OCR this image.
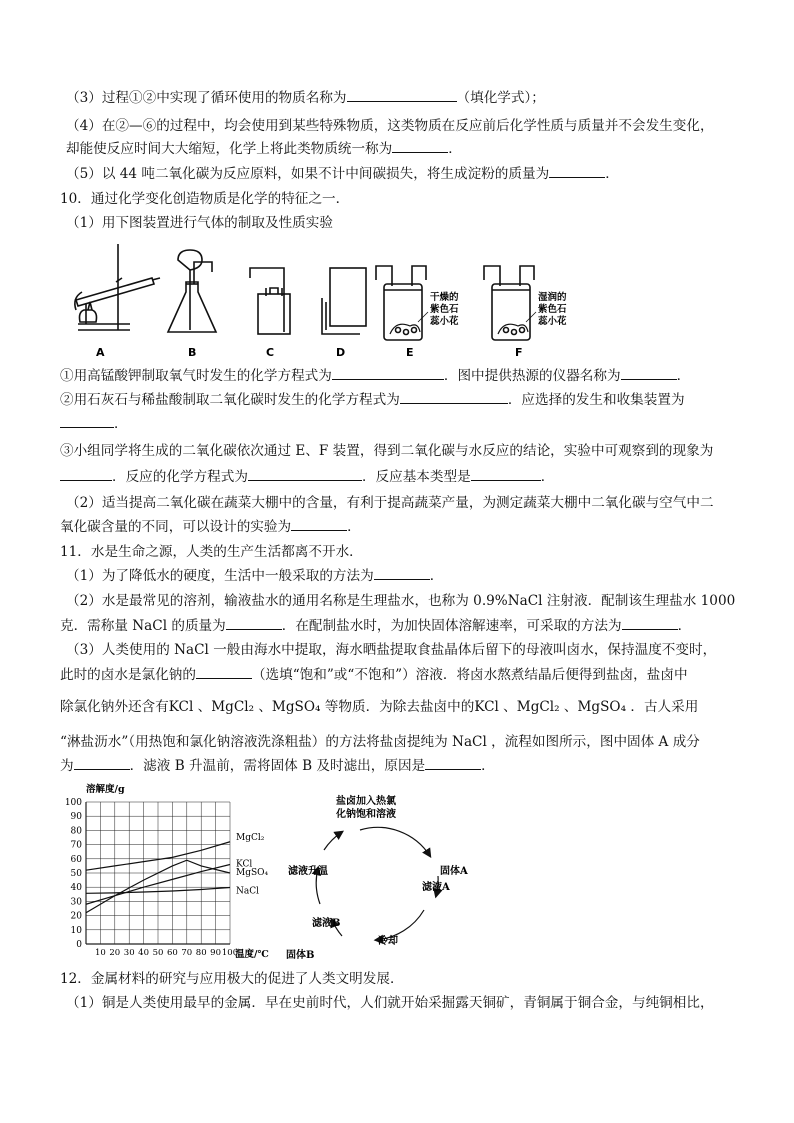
（3）过程①②中实现了循环使用的物质名称为	（填化学式）；
（4）在②—⑥的过程中，均会使用到某些特殊物质，这类物质在反应前后化学性质与质量并不会发生变化，
却能使反应时间大大缩短，化学上将此类物质统一称为	．
（5）以 44 吨二氧化碳为反应原料，如果不计中间碳损失，将生成淀粉的质量为	．
10．通过化学变化创造物质是化学的特征之一．
（1）用下图装置进行气体的制取及性质实验
A	B	C	D	E	F
干燥的
紫色石
蕊小花
湿润的
紫色石
蕊小花
①用高锰酸钾制取氧气时发生的化学方程式为	．图中提供热源的仪器名称为	．
②用石灰石与稀盐酸制取二氧化碳时发生的化学方程式为	．应选择的发生和收集装置为
．
③小组同学将生成的二氧化碳依次通过 E、F 装置，得到二氧化碳与水反应的结论，实验中可观察到的现象为
．反应的化学方程式为	．反应基本类型是	．
（2）适当提高二氧化碳在蔬菜大棚中的含量，有利于提高蔬菜产量，为测定蔬菜大棚中二氧化碳与空气中二
氧化碳含量的不同，可以设计的实验为	．
11．水是生命之源，人类的生产生活都离不开水．
（1）为了降低水的硬度，生活中一般采取的方法为	．
（2）水是最常见的溶剂，输液盐水的通用名称是生理盐水，也称为 0.9%NaCl 注射液．配制该生理盐水 1000
克．需称量 NaCl 的质量为	．在配制盐水时，为加快固体溶解速率，可采取的方法为	．
（3）人类使用的 NaCl 一般由海水中提取，海水晒盐提取食盐晶体后留下的母液叫卤水，保持温度不变时，
此时的卤水是氯化钠的	（选填“饱和”或“不饱和”）溶液．将卤水熬煮结晶后便得到盐卤，盐卤中
除氯化钠外还含有KCl 、MgCl₂ 、MgSO₄ 等物质．为除去盐卤中的KCl 、MgCl₂ 、MgSO₄ ．古人采用
“淋盐沥水”（用热饱和氯化钠溶液洗涤粗盐）的方法将盐卤提纯为 NaCl ，流程如图所示，图中固体 A 成分
为	．滤液 B 升温前，需将固体 B 及时滤出，原因是	．
0
10
20
30
40
50
60
70
80
90
100
10 20 30 40 50 60 70 80 90 100
MgCl₂
KCl
MgSO₄
NaCl
溶解度/g
温度/℃
盐卤加入热氯
化钠饱和溶液
固体A
滤液A
冷却
滤液B
固体B
滤液升温
12．金属材料的研究与应用极大的促进了人类文明发展．
（1）铜是人类使用最早的金属．早在史前时代，人们就开始采掘露天铜矿，青铜属于铜合金，与纯铜相比，
